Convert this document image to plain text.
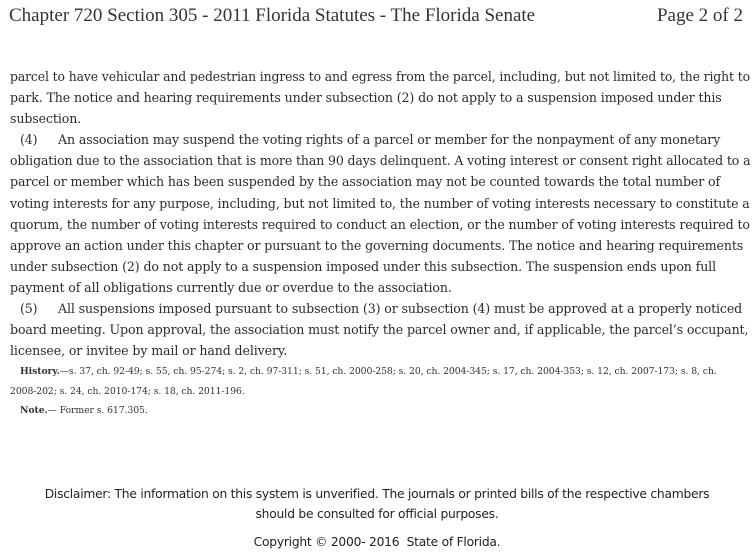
Chapter 720 Section 305 - 2011 Florida Statutes - The Florida Senate	Page 2 of 2
parcel to have vehicular and pedestrian ingress to and egress from the parcel, including, but not limited to, the right to
park. The notice and hearing requirements under subsection (2) do not apply to a suspension imposed under this
subsection.
(4) An association may suspend the voting rights of a parcel or member for the nonpayment of any monetary
obligation due to the association that is more than 90 days delinquent. A voting interest or consent right allocated to a
parcel or member which has been suspended by the association may not be counted towards the total number of
voting interests for any purpose, including, but not limited to, the number of voting interests necessary to constitute a
quorum, the number of voting interests required to conduct an election, or the number of voting interests required to
approve an action under this chapter or pursuant to the governing documents. The notice and hearing requirements
under subsection (2) do not apply to a suspension imposed under this subsection. The suspension ends upon full
payment of all obligations currently due or overdue to the association.
(5) All suspensions imposed pursuant to subsection (3) or subsection (4) must be approved at a properly noticed
board meeting. Upon approval, the association must notify the parcel owner and, if applicable, the parcel’s occupant,
licensee, or invitee by mail or hand delivery.
History.—s. 37, ch. 92-49; s. 55, ch. 95-274; s. 2, ch. 97-311; s. 51, ch. 2000-258; s. 20, ch. 2004-345; s. 17, ch. 2004-353; s. 12, ch. 2007-173; s. 8, ch.
2008-202; s. 24, ch. 2010-174; s. 18, ch. 2011-196.
Note.— Former s. 617.305.
Disclaimer: The information on this system is unverified. The journals or printed bills of the respective chambers
should be consulted for official purposes.
Copyright © 2000- 2016  State of Florida.
